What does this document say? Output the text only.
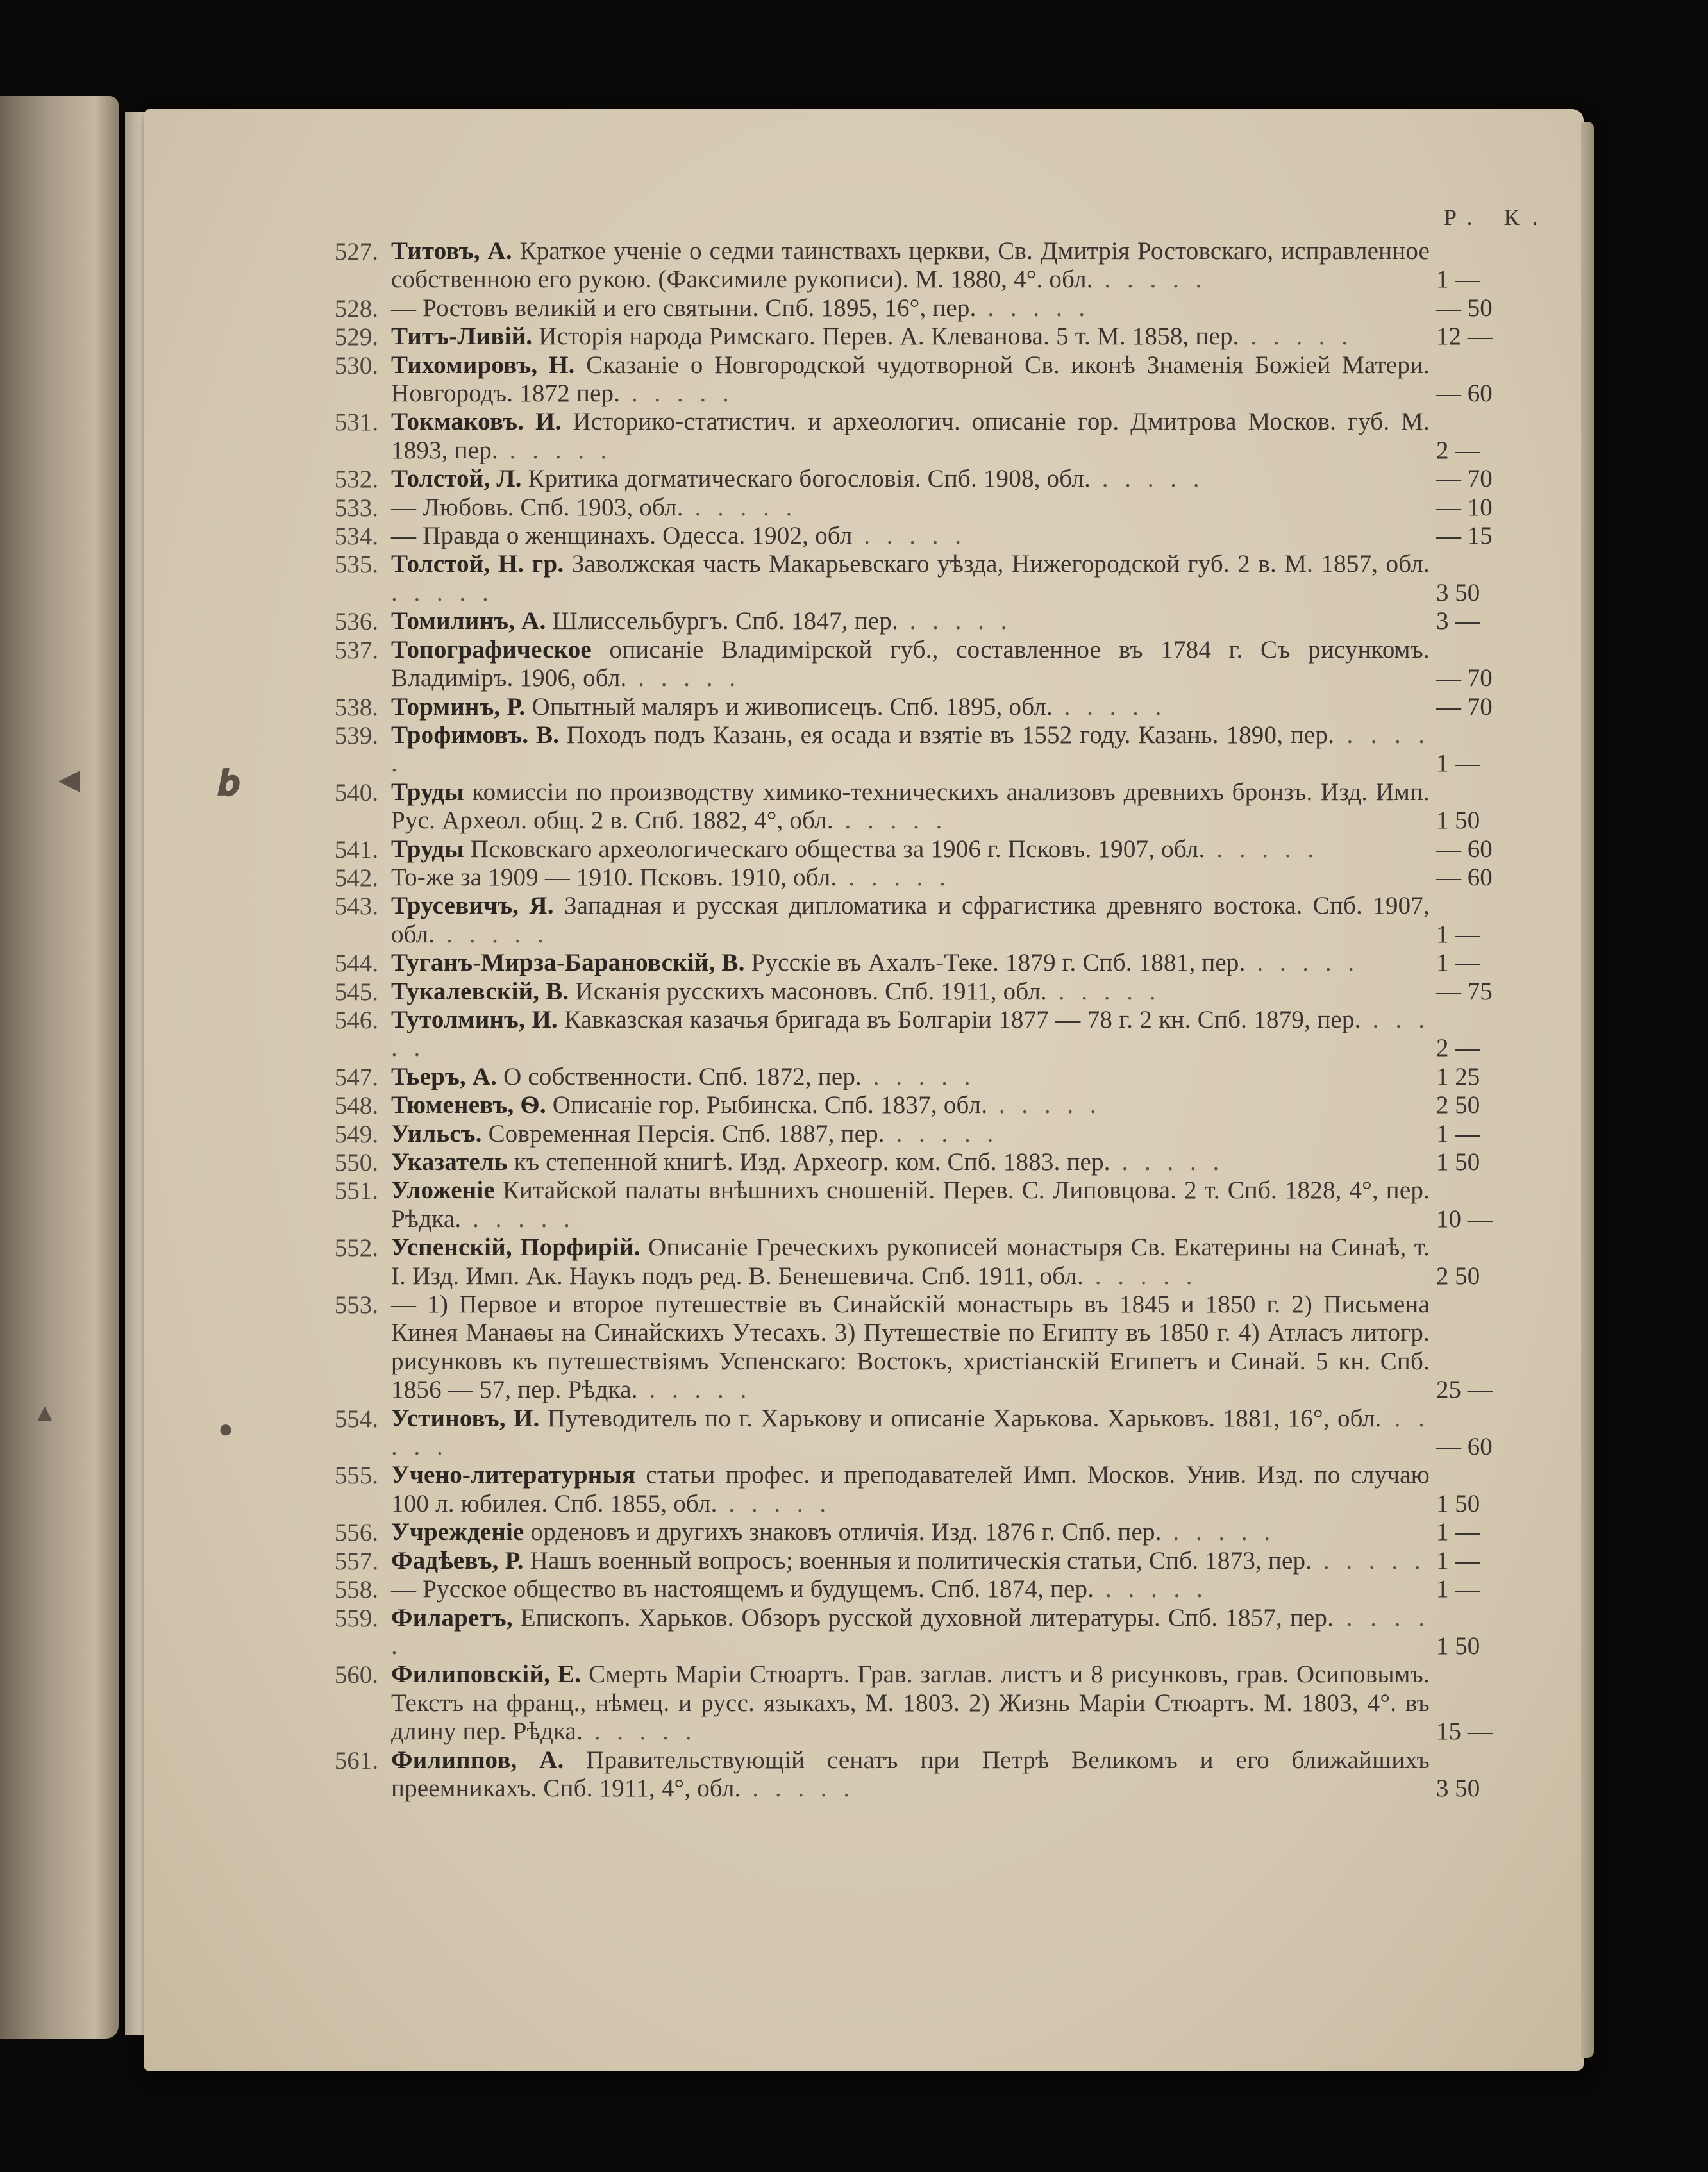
◄	𝒃
▲
●
Р. К.
527. Титовъ, А. Краткое ученіе о седми таинствахъ церкви, Св. Дмитрія Ростовскаго, исправленное собственною его рукою. (Факсимиле рукописи). М. 1880, 4°. обл. . . . . .	1 —
528. — Ростовъ великій и его святыни. Спб. 1895, 16°, пер. . . . . .	— 50
529. Титъ-Ливій. Исторія народа Римскаго. Перев. А. Клеванова. 5 т. М. 1858, пер. . . . . .	12 —
530. Тихомировъ, Н. Сказаніе о Новгородской чудотворной Св. иконѣ Знаменія Божіей Матери. Новгородъ. 1872 пер. . . . . .	— 60
531. Токмаковъ. И. Историко-статистич. и археологич. описаніе гор. Дмитрова Москов. губ. М. 1893, пер. . . . . .	2 —
532. Толстой, Л. Критика догматическаго богословія. Спб. 1908, обл. . . . . .	— 70
533. — Любовь. Спб. 1903, обл. . . . . .	— 10
534. — Правда о женщинахъ. Одесса. 1902, обл . . . . .	— 15
535. Толстой, Н. гр. Заволжская часть Макарьевскаго уѣзда, Нижегородской губ. 2 в. М. 1857, обл. . . . . .	3 50
536. Томилинъ, А. Шлиссельбургъ. Спб. 1847, пер. . . . . .	3 —
537. Топографическое описаніе Владимірской губ., составленное въ 1784 г. Съ рисункомъ. Владиміръ. 1906, обл. . . . . .	— 70
538. Торминъ, Р. Опытный маляръ и живописецъ. Спб. 1895, обл. . . . . .	— 70
539. Трофимовъ. В. Походъ подъ Казань, ея осада и взятіе въ 1552 году. Казань. 1890, пер. . . . . .	1 —
540. Труды комиссіи по производству химико-техническихъ анализовъ древнихъ бронзъ. Изд. Имп. Рус. Археол. общ. 2 в. Спб. 1882, 4°, обл. . . . . .	1 50
541. Труды Псковскаго археологическаго общества за 1906 г. Псковъ. 1907, обл. . . . . .	— 60
542. То-же за 1909 — 1910. Псковъ. 1910, обл. . . . . .	— 60
543. Трусевичъ, Я. Западная и русская дипломатика и сфрагистика древняго востока. Спб. 1907, обл. . . . . .	1 —
544. Туганъ-Мирза-Барановскій, В. Русскіе въ Ахалъ-Теке. 1879 г. Спб. 1881, пер. . . . . .	1 —
545. Тукалевскій, В. Исканія русскихъ масоновъ. Спб. 1911, обл. . . . . .	— 75
546. Тутолминъ, И. Кавказская казачья бригада въ Болгаріи 1877 — 78 г. 2 кн. Спб. 1879, пер. . . . . .	2 —
547. Тьеръ, А. О собственности. Спб. 1872, пер. . . . . .	1 25
548. Тюменевъ, Ѳ. Описаніе гор. Рыбинска. Спб. 1837, обл. . . . . .	2 50
549. Уильсъ. Современная Персія. Спб. 1887, пер. . . . . .	1 —
550. Указатель къ степенной книгѣ. Изд. Археогр. ком. Спб. 1883. пер. . . . . .	1 50
551. Уложеніе Китайской палаты внѣшнихъ сношеній. Перев. С. Липовцова. 2 т. Спб. 1828, 4°, пер. Рѣдка. . . . . .	10 —
552. Успенскій, Порфирій. Описаніе Греческихъ рукописей монастыря Св. Екатерины на Синаѣ, т. I. Изд. Имп. Ак. Наукъ подъ ред. В. Бенешевича. Спб. 1911, обл. . . . . .	2 50
553. — 1) Первое и второе путешествіе въ Синайскій монастырь въ 1845 и 1850 г. 2) Письмена Кинея Манаѳы на Синайскихъ Утесахъ. 3) Путешествіе по Египту въ 1850 г. 4) Атласъ литогр. рисунковъ къ путешествіямъ Успенскаго: Востокъ, христіанскій Египетъ и Синай. 5 кн. Спб. 1856 — 57, пер. Рѣдка. . . . . .	25 —
554. Устиновъ, И. Путеводитель по г. Харькову и описаніе Харькова. Харьковъ. 1881, 16°, обл. . . . . .	— 60
555. Учено-литературныя статьи профес. и преподавателей Имп. Москов. Унив. Изд. по случаю 100 л. юбилея. Спб. 1855, обл. . . . . .	1 50
556. Учрежденіе орденовъ и другихъ знаковъ отличія. Изд. 1876 г. Спб. пер. . . . . .	1 —
557. Фадѣевъ, Р. Нашъ военный вопросъ; военныя и политическія статьи, Спб. 1873, пер. . . . . . 1 —
558. — Русское общество въ настоящемъ и будущемъ. Спб. 1874, пер. . . . . .	1 —
559. Филаретъ, Епископъ. Харьков. Обзоръ русской духовной литературы. Спб. 1857, пер. . . . . .	1 50
560. Филиповскій, Е. Смерть Маріи Стюартъ. Грав. заглав. листъ и 8 рисунковъ, грав. Осиповымъ. Текстъ на франц., нѣмец. и русс. языкахъ, М. 1803. 2) Жизнь Маріи Стюартъ. М. 1803, 4°. въ длину пер. Рѣдка. . . . . .	15 —
561. Филиппов, А. Правительствующій сенатъ при Петрѣ Великомъ и его ближайшихъ преемникахъ. Спб. 1911, 4°, обл. . . . . .	3 50
